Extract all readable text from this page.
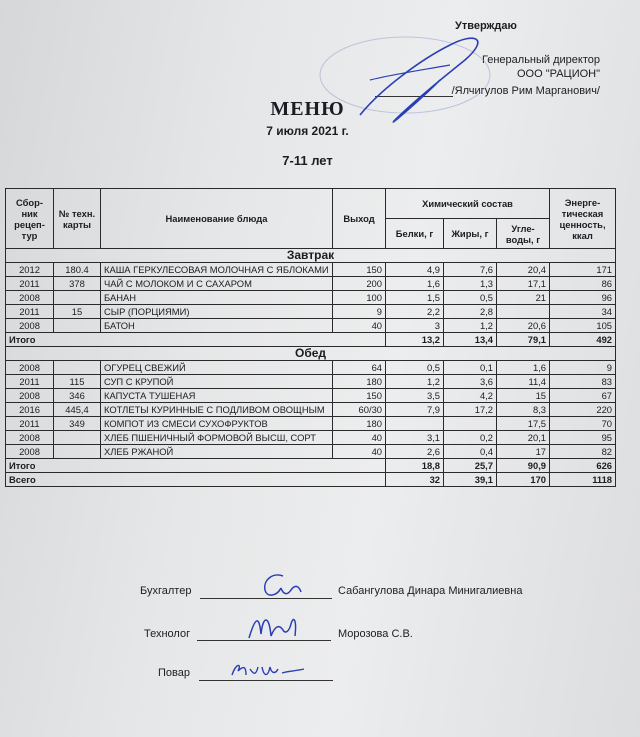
Утверждаю
Генеральный директор
ООО "РАЦИОН"
/Ялчигулов Рим Марганович/
МЕНЮ
7 июля 2021 г.
7-11 лет
Сбор-ник рецеп-тур	№ техн. карты	Наименование блюда	Выход	Химический состав			Энерге-тическая ценность, ккал
				Белки, г	Жиры, г	Угле-воды, г	
Завтрак							
2012	180.4	КАША ГЕРКУЛЕСОВАЯ МОЛОЧНАЯ С ЯБЛОКАМИ	150	4,9	7,6	20,4	171
2011	378	ЧАЙ С МОЛОКОМ И С САХАРОМ	200	1,6	1,3	17,1	86
2008		БАНАН	100	1,5	0,5	21	96
2011	15	СЫР (ПОРЦИЯМИ)	9	2,2	2,8		34
2008		БАТОН	40	3	1,2	20,6	105
Итого				13,2	13,4	79,1	492
Обед							
2008		ОГУРЕЦ СВЕЖИЙ	64	0,5	0,1	1,6	9
2011	115	СУП С КРУПОЙ	180	1,2	3,6	11,4	83
2008	346	КАПУСТА ТУШЕНАЯ	150	3,5	4,2	15	67
2016	445,4	КОТЛЕТЫ КУРИННЫЕ С ПОДЛИВОМ ОВОЩНЫМ	60/30	7,9	17,2	8,3	220
2011	349	КОМПОТ ИЗ СМЕСИ СУХОФРУКТОВ	180			17,5	70
2008		ХЛЕБ ПШЕНИЧНЫЙ ФОРМОВОЙ ВЫСШ, СОРТ	40	3,1	0,2	20,1	95
2008		ХЛЕБ РЖАНОЙ	40	2,6	0,4	17	82
Итого				18,8	25,7	90,9	626
Всего				32	39,1	170	1118
Бухгалтер	Сабангулова Динара Минигалиевна
Технолог	Морозова С.В.
Повар
